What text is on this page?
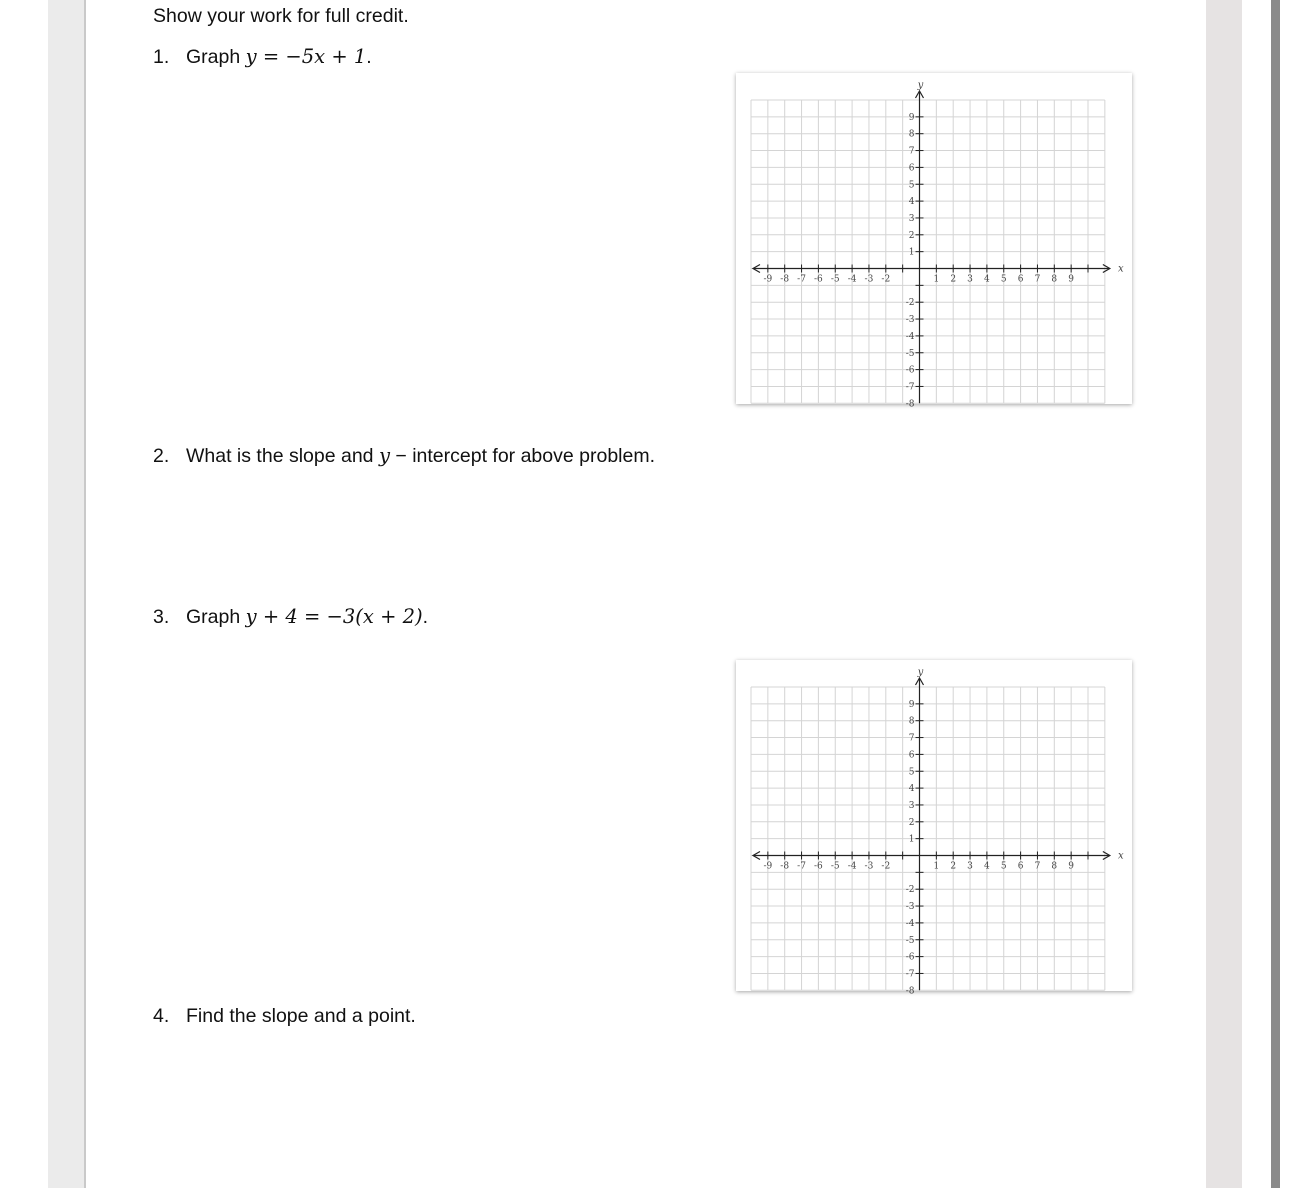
Show your work for full credit.
1. Graph y = −5x + 1.
-9 -8 -7 -6 -5 -4 -3 -2	1 2 3 4 5 6 7 8 9
9
8
7
6
5
4
3
2
1
-2
-3
-4
-5
-6
-7
-8
x
y
2. What is the slope and y − intercept for above problem.
3. Graph y + 4 = −3(x + 2).
-9 -8 -7 -6 -5 -4 -3 -2	1 2 3 4 5 6 7 8 9
9
8
7
6
5
4
3
2
1
-2
-3
-4
-5
-6
-7
-8
x
y
4. Find the slope and a point.
